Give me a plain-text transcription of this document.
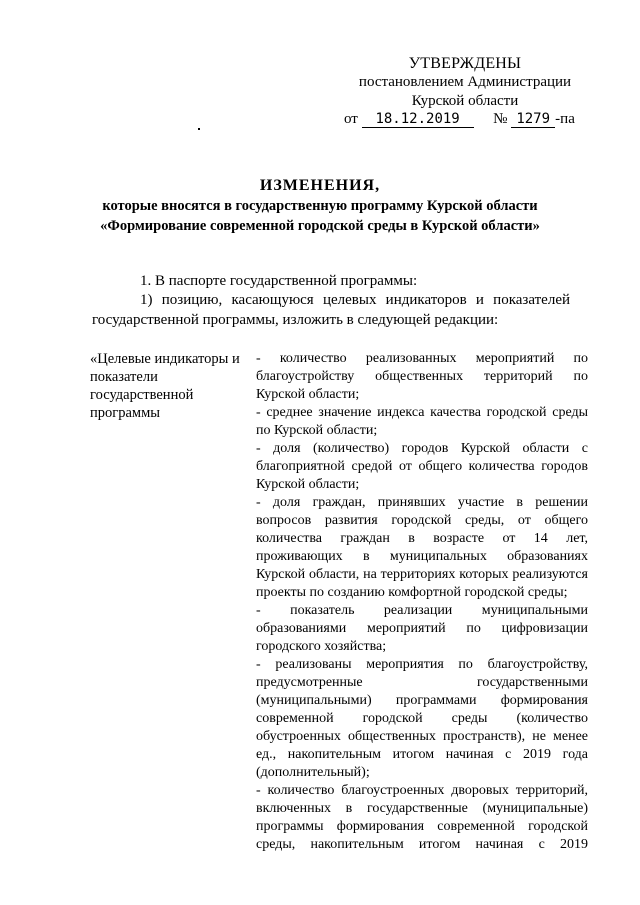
УТВЕРЖДЕНЫ
постановлением Администрации
Курской области
от 18.12.2019 № 1279 -па
ИЗМЕНЕНИЯ,
которые вносятся в государственную программу Курской области
«Формирование современной городской среды в Курской области»
1. В паспорте государственной программы:
1) позицию, касающуюся целевых индикаторов и показателей государственной программы, изложить в следующей редакции:
«Целевые индикаторы и показатели государственной программы

- количество реализованных мероприятий по благоустройству общественных территорий по Курской области;

- среднее значение индекса качества городской среды по Курской области;

- доля (количество) городов Курской области с благоприятной средой от общего количества городов Курской области;

- доля граждан, принявших участие в решении вопросов развития городской среды, от общего количества граждан в возрасте от 14 лет, проживающих в муниципальных образованиях Курской области, на территориях которых реализуются проекты по созданию комфортной городской среды;

- показатель реализации муниципальными образованиями мероприятий по цифровизации городского хозяйства;

- реализованы мероприятия по благоустройству, предусмотренные государственными (муниципальными) программами формирования современной городской среды (количество обустроенных общественных пространств), не менее ед., накопительным итогом начиная с 2019 года (дополнительный);

- количество благоустроенных дворовых территорий, включенных в государственные (муниципальные) программы формирования современной городской среды, накопительным итогом начиная с 2019
